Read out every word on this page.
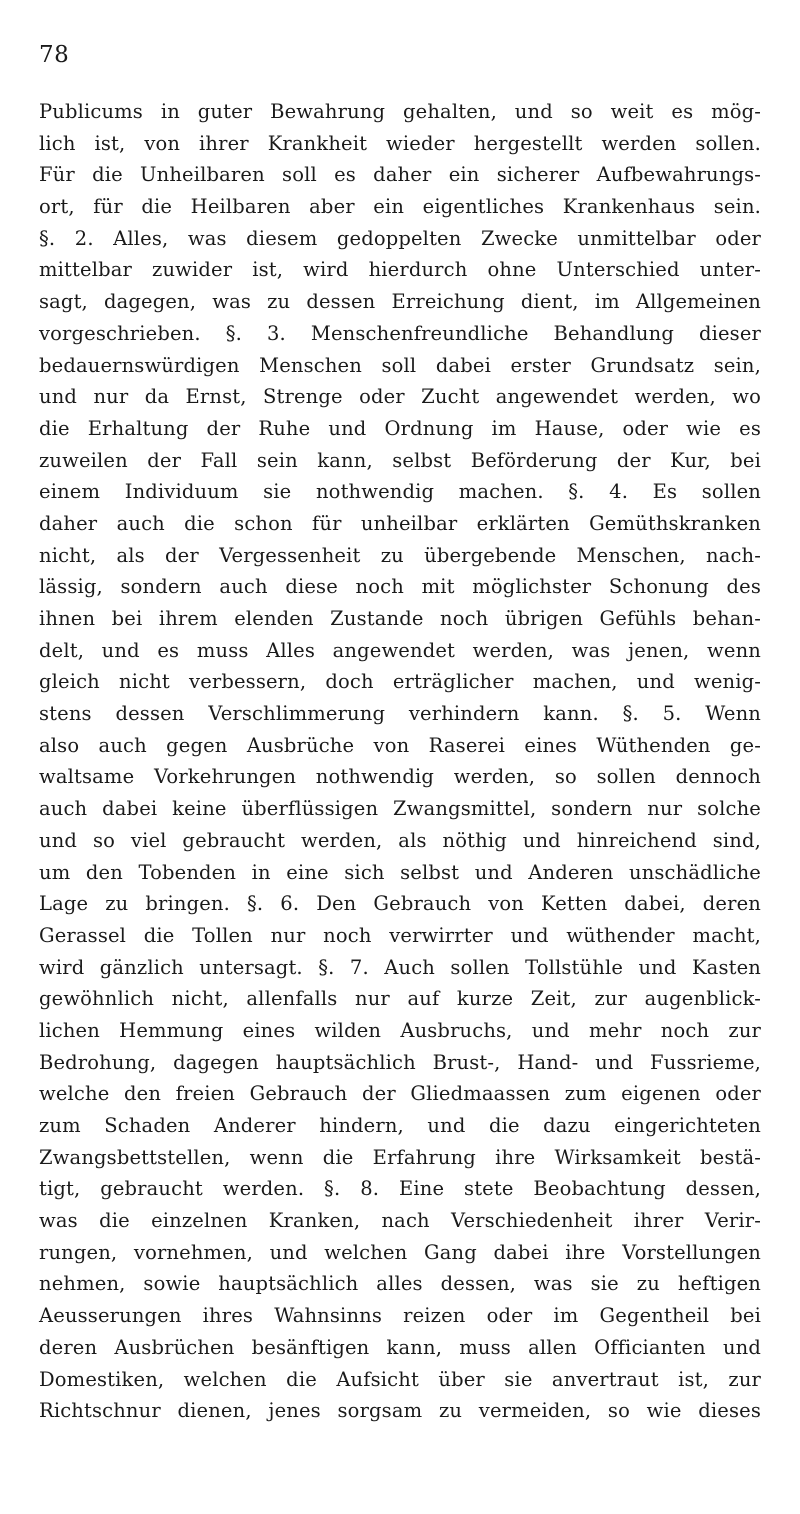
78
Publicums in guter Bewahrung gehalten, und so weit es mög-
lich ist, von ihrer Krankheit wieder hergestellt werden sollen.
Für die Unheilbaren soll es daher ein sicherer Aufbewahrungs-
ort, für die Heilbaren aber ein eigentliches Krankenhaus sein.
§. 2. Alles, was diesem gedoppelten Zwecke unmittelbar oder
mittelbar zuwider ist, wird hierdurch ohne Unterschied unter-
sagt, dagegen, was zu dessen Erreichung dient, im Allgemeinen
vorgeschrieben. §. 3. Menschenfreundliche Behandlung dieser
bedauernswürdigen Menschen soll dabei erster Grundsatz sein,
und nur da Ernst, Strenge oder Zucht angewendet werden, wo
die Erhaltung der Ruhe und Ordnung im Hause, oder wie es
zuweilen der Fall sein kann, selbst Beförderung der Kur, bei
einem Individuum sie nothwendig machen. §. 4. Es sollen
daher auch die schon für unheilbar erklärten Gemüthskranken
nicht, als der Vergessenheit zu übergebende Menschen, nach-
lässig, sondern auch diese noch mit möglichster Schonung des
ihnen bei ihrem elenden Zustande noch übrigen Gefühls behan-
delt, und es muss Alles angewendet werden, was jenen, wenn
gleich nicht verbessern, doch erträglicher machen, und wenig-
stens dessen Verschlimmerung verhindern kann. §. 5. Wenn
also auch gegen Ausbrüche von Raserei eines Wüthenden ge-
waltsame Vorkehrungen nothwendig werden, so sollen dennoch
auch dabei keine überflüssigen Zwangsmittel, sondern nur solche
und so viel gebraucht werden, als nöthig und hinreichend sind,
um den Tobenden in eine sich selbst und Anderen unschädliche
Lage zu bringen. §. 6. Den Gebrauch von Ketten dabei, deren
Gerassel die Tollen nur noch verwirrter und wüthender macht,
wird gänzlich untersagt. §. 7. Auch sollen Tollstühle und Kasten
gewöhnlich nicht, allenfalls nur auf kurze Zeit, zur augenblick-
lichen Hemmung eines wilden Ausbruchs, und mehr noch zur
Bedrohung, dagegen hauptsächlich Brust-, Hand- und Fussrieme,
welche den freien Gebrauch der Gliedmaassen zum eigenen oder
zum Schaden Anderer hindern, und die dazu eingerichteten
Zwangsbettstellen, wenn die Erfahrung ihre Wirksamkeit bestä-
tigt, gebraucht werden. §. 8. Eine stete Beobachtung dessen,
was die einzelnen Kranken, nach Verschiedenheit ihrer Verir-
rungen, vornehmen, und welchen Gang dabei ihre Vorstellungen
nehmen, sowie hauptsächlich alles dessen, was sie zu heftigen
Aeusserungen ihres Wahnsinns reizen oder im Gegentheil bei
deren Ausbrüchen besänftigen kann, muss allen Officianten und
Domestiken, welchen die Aufsicht über sie anvertraut ist, zur
Richtschnur dienen, jenes sorgsam zu vermeiden, so wie dieses
